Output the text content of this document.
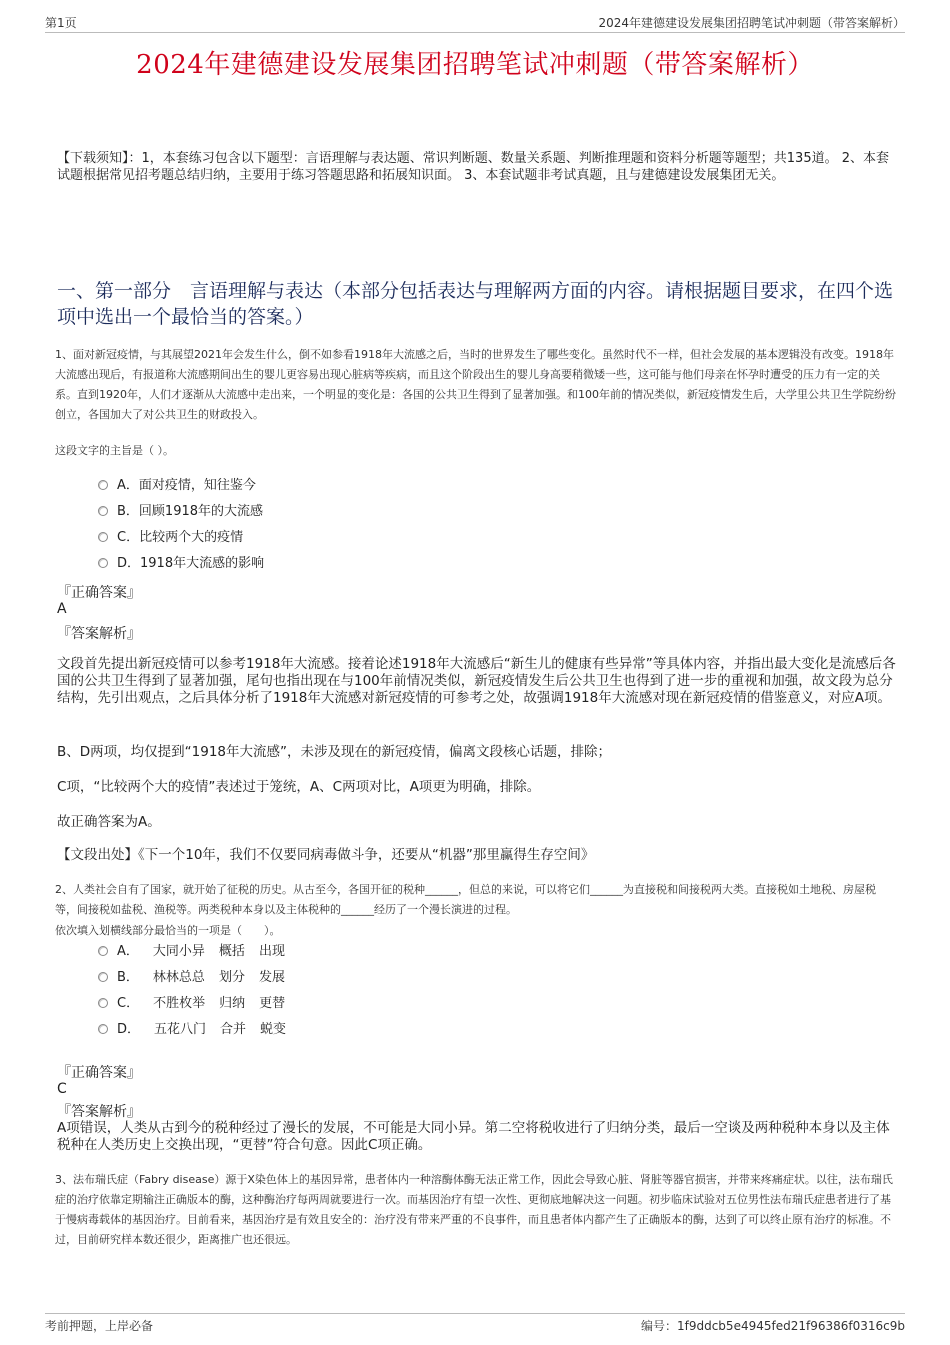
第1页	2024年建德建设发展集团招聘笔试冲刺题（带答案解析）
2024年建德建设发展集团招聘笔试冲刺题（带答案解析）
【下载须知】：1，本套练习包含以下题型：言语理解与表达题、常识判断题、数量关系题、判断推理题和资料分析题等题型；共135道。 2、本套试题根据常见招考题总结归纳，主要用于练习答题思路和拓展知识面。 3、本套试题非考试真题，且与建德建设发展集团无关。
一、第一部分　言语理解与表达（本部分包括表达与理解两方面的内容。请根据题目要求，在四个选项中选出一个最恰当的答案。）
1、面对新冠疫情，与其展望2021年会发生什么，倒不如参看1918年大流感之后，当时的世界发生了哪些变化。虽然时代不一样，但社会发展的基本逻辑没有改变。1918年大流感出现后，有报道称大流感期间出生的婴儿更容易出现心脏病等疾病，而且这个阶段出生的婴儿身高要稍微矮一些，这可能与他们母亲在怀孕时遭受的压力有一定的关系。直到1920年，人们才逐渐从大流感中走出来，一个明显的变化是：各国的公共卫生得到了显著加强。和100年前的情况类似，新冠疫情发生后，大学里公共卫生学院纷纷创立，各国加大了对公共卫生的财政投入。
这段文字的主旨是（ ）。
A．面对疫情，知往鉴今
B．回顾1918年的大流感
C．比较两个大的疫情
D．1918年大流感的影响
『正确答案』
A
『答案解析』
文段首先提出新冠疫情可以参考1918年大流感。接着论述1918年大流感后“新生儿的健康有些异常”等具体内容，并指出最大变化是流感后各国的公共卫生得到了显著加强，尾句也指出现在与100年前情况类似，新冠疫情发生后公共卫生也得到了进一步的重视和加强，故文段为总分结构，先引出观点，之后具体分析了1918年大流感对新冠疫情的可参考之处，故强调1918年大流感对现在新冠疫情的借鉴意义，对应A项。
B、D两项，均仅提到“1918年大流感”，未涉及现在的新冠疫情，偏离文段核心话题，排除；
C项，“比较两个大的疫情”表述过于笼统，A、C两项对比，A项更为明确，排除。
故正确答案为A。
【文段出处】《下一个10年，我们不仅要同病毒做斗争，还要从“机器”那里赢得生存空间》
2、人类社会自有了国家，就开始了征税的历史。从古至今，各国开征的税种______，但总的来说，可以将它们______为直接税和间接税两大类。直接税如土地税、房屋税等，间接税如盐税、渔税等。两类税种本身以及主体税种的______经历了一个漫长演进的过程。
依次填入划横线部分最恰当的一项是（　　）。
A． 大同小异 概括 出现
B． 林林总总 划分 发展
C． 不胜枚举 归纳 更替
D． 五花八门 合并 蜕变
『正确答案』
C
『答案解析』
A项错误，人类从古到今的税种经过了漫长的发展，不可能是大同小异。第二空将税收进行了归纳分类，最后一空谈及两种税种本身以及主体税种在人类历史上交换出现，“更替”符合句意。因此C项正确。
3、法布瑞氏症（Fabry disease）源于X染色体上的基因异常，患者体内一种溶酶体酶无法正常工作，因此会导致心脏、肾脏等器官损害，并带来疼痛症状。以往，法布瑞氏症的治疗依靠定期输注正确版本的酶，这种酶治疗每两周就要进行一次。而基因治疗有望一次性、更彻底地解决这一问题。初步临床试验对五位男性法布瑞氏症患者进行了基于慢病毒载体的基因治疗。目前看来，基因治疗是有效且安全的：治疗没有带来严重的不良事件，而且患者体内都产生了正确版本的酶，达到了可以终止原有治疗的标准。不过，目前研究样本数还很少，距离推广也还很远。
考前押题，上岸必备	编号：1f9ddcb5e4945fed21f96386f0316c9b
